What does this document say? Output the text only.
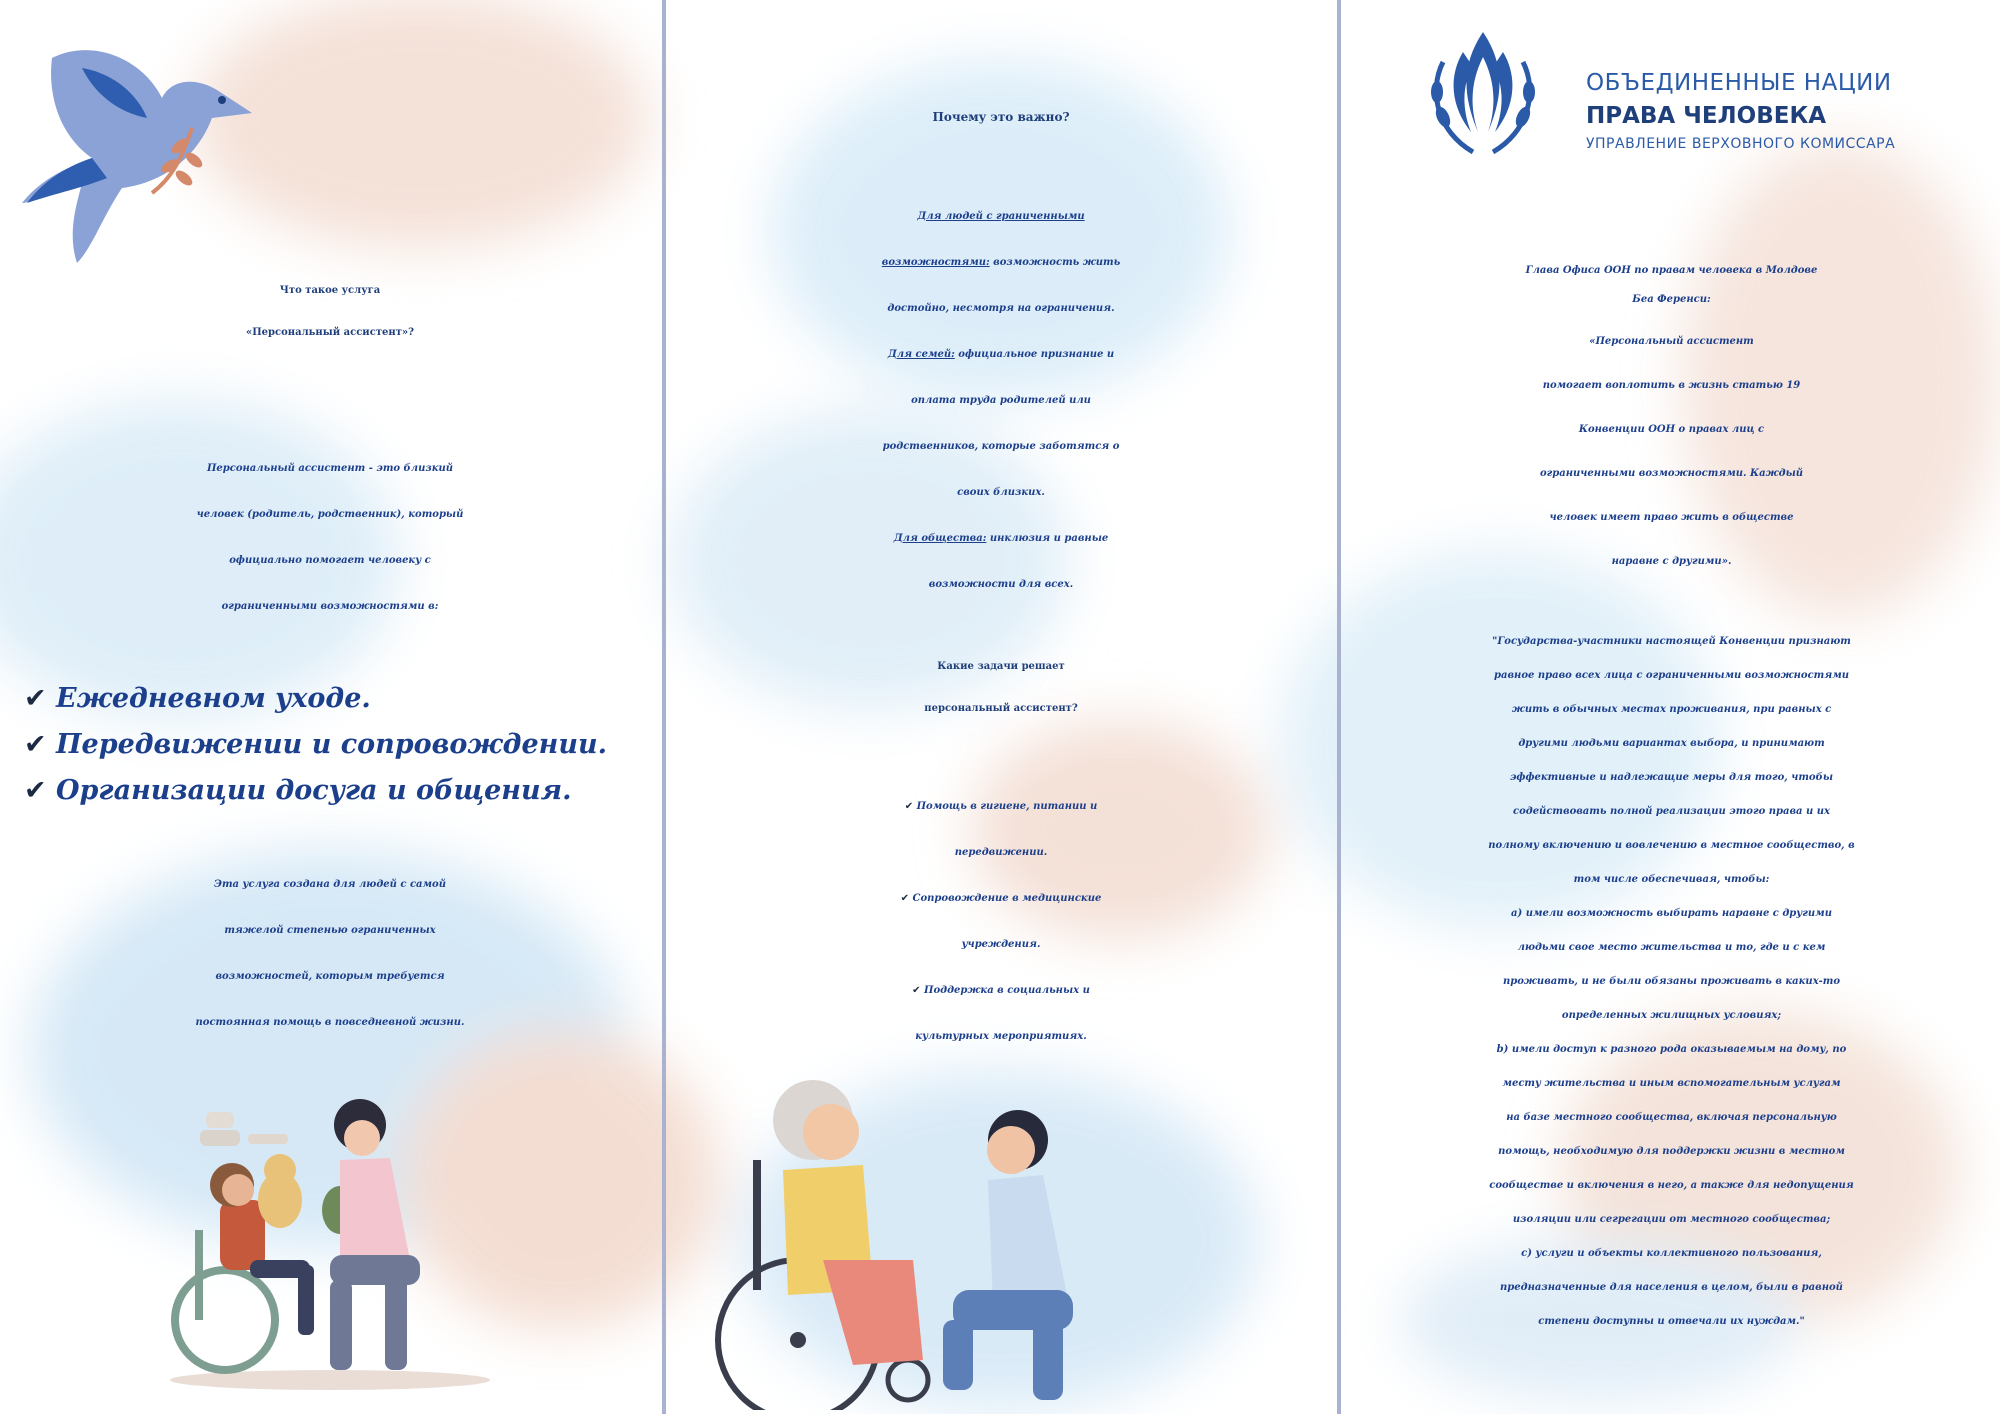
Что такое услуга
«Персональный ассистент»?
Персональный ассистент - это близкий
человек (родитель, родственник), который
официально помогает человеку с
ограниченными возможностями в:
✔ Ежедневном уходе.
✔ Передвижении и сопровождении.
✔ Организации досуга и общения.
Эта услуга создана для людей с самой
тяжелой степенью ограниченных
возможностей, которым требуется
постоянная помощь в повседневной жизни.
Почему это важно?
Для людей с граниченными
возможностями: возможность жить
достойно, несмотря на ограничения.
Для семей: официальное признание и
оплата труда родителей или
родственников, которые заботятся о
своих близких.
Для общества: инклюзия и равные
возможности для всех.
Какие задачи решает
персональный ассистент?
✔ Помощь в гигиене, питании и
передвижении.
✔ Сопровождение в медицинские
учреждения.
✔ Поддержка в социальных и
культурных мероприятиях.
ОБЪЕДИНЕННЫЕ НАЦИИ
ПРАВА ЧЕЛОВЕКА
УПРАВЛЕНИЕ ВЕРХОВНОГО КОМИССАРА
Глава Офиса ООН по правам человека в Молдове
Беа Ференси:
«Персональный ассистент
помогает воплотить в жизнь статью 19
Конвенции ООН о правах лиц с
ограниченными возможностями. Каждый
человек имеет право жить в обществе
наравне с другими».
"Государства-участники настоящей Конвенции признают
равное право всех лица с ограниченными возможностями
жить в обычных местах проживания, при равных с
другими людьми вариантах выбора, и принимают
эффективные и надлежащие меры для того, чтобы
содействовать полной реализации этого права и их
полному включению и вовлечению в местное сообщество, в
том числе обеспечивая, чтобы:
а) имели возможность выбирать наравне с другими
людьми свое место жительства и то, где и с кем
проживать, и не были обязаны проживать в каких-то
определенных жилищных условиях;
b) имели доступ к разного рода оказываемым на дому, по
месту жительства и иным вспомогательным услугам
на базе местного сообщества, включая персональную
помощь, необходимую для поддержки жизни в местном
сообществе и включения в него, а также для недопущения
изоляции или сегрегации от местного сообщества;
с) услуги и объекты коллективного пользования,
предназначенные для населения в целом, были в равной
степени доступны и отвечали их нуждам."
